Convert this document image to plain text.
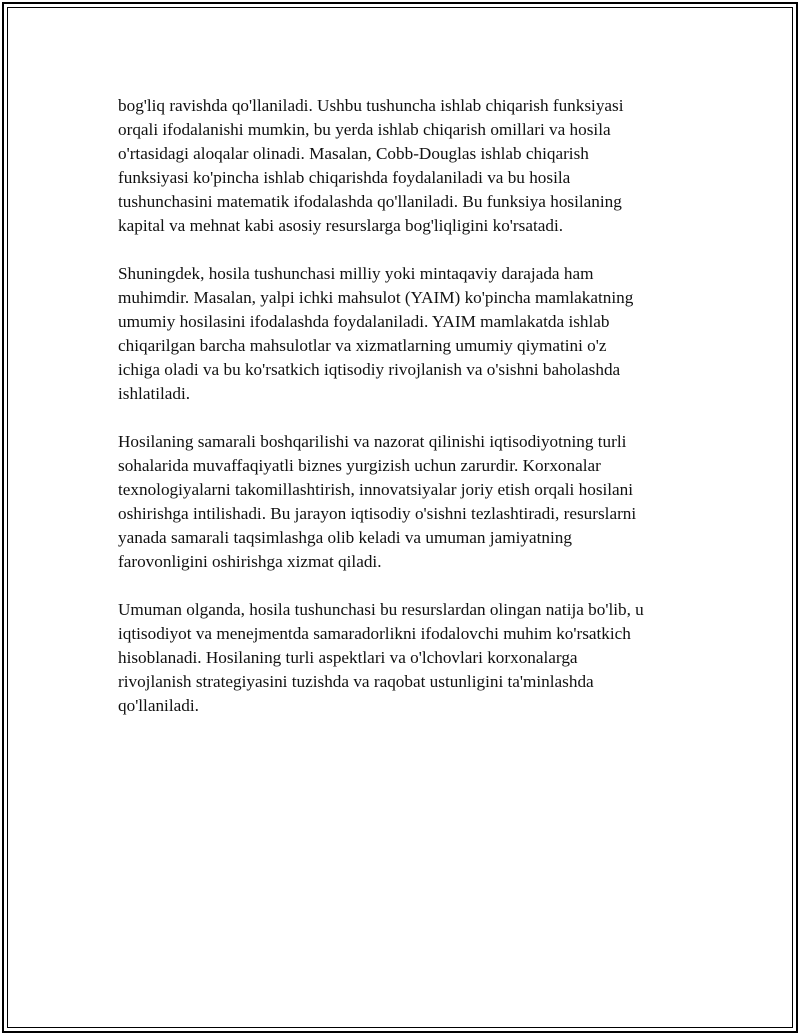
bog'liq ravishda qo'llaniladi. Ushbu tushuncha ishlab chiqarish funksiyasi
orqali ifodalanishi mumkin, bu yerda ishlab chiqarish omillari va hosila
o'rtasidagi aloqalar olinadi. Masalan, Cobb-Douglas ishlab chiqarish
funksiyasi ko'pincha ishlab chiqarishda foydalaniladi va bu hosila
tushunchasini matematik ifodalashda qo'llaniladi. Bu funksiya hosilaning
kapital va mehnat kabi asosiy resurslarga bog'liqligini ko'rsatadi.

Shuningdek, hosila tushunchasi milliy yoki mintaqaviy darajada ham
muhimdir. Masalan, yalpi ichki mahsulot (YAIM) ko'pincha mamlakatning
umumiy hosilasini ifodalashda foydalaniladi. YAIM mamlakatda ishlab
chiqarilgan barcha mahsulotlar va xizmatlarning umumiy qiymatini o'z
ichiga oladi va bu ko'rsatkich iqtisodiy rivojlanish va o'sishni baholashda
ishlatiladi.

Hosilaning samarali boshqarilishi va nazorat qilinishi iqtisodiyotning turli
sohalarida muvaffaqiyatli biznes yurgizish uchun zarurdir. Korxonalar
texnologiyalarni takomillashtirish, innovatsiyalar joriy etish orqali hosilani
oshirishga intilishadi. Bu jarayon iqtisodiy o'sishni tezlashtiradi, resurslarni
yanada samarali taqsimlashga olib keladi va umuman jamiyatning
farovonligini oshirishga xizmat qiladi.

Umuman olganda, hosila tushunchasi bu resurslardan olingan natija bo'lib, u
iqtisodiyot va menejmentda samaradorlikni ifodalovchi muhim ko'rsatkich
hisoblanadi. Hosilaning turli aspektlari va o'lchovlari korxonalarga
rivojlanish strategiyasini tuzishda va raqobat ustunligini ta'minlashda
qo'llaniladi.
